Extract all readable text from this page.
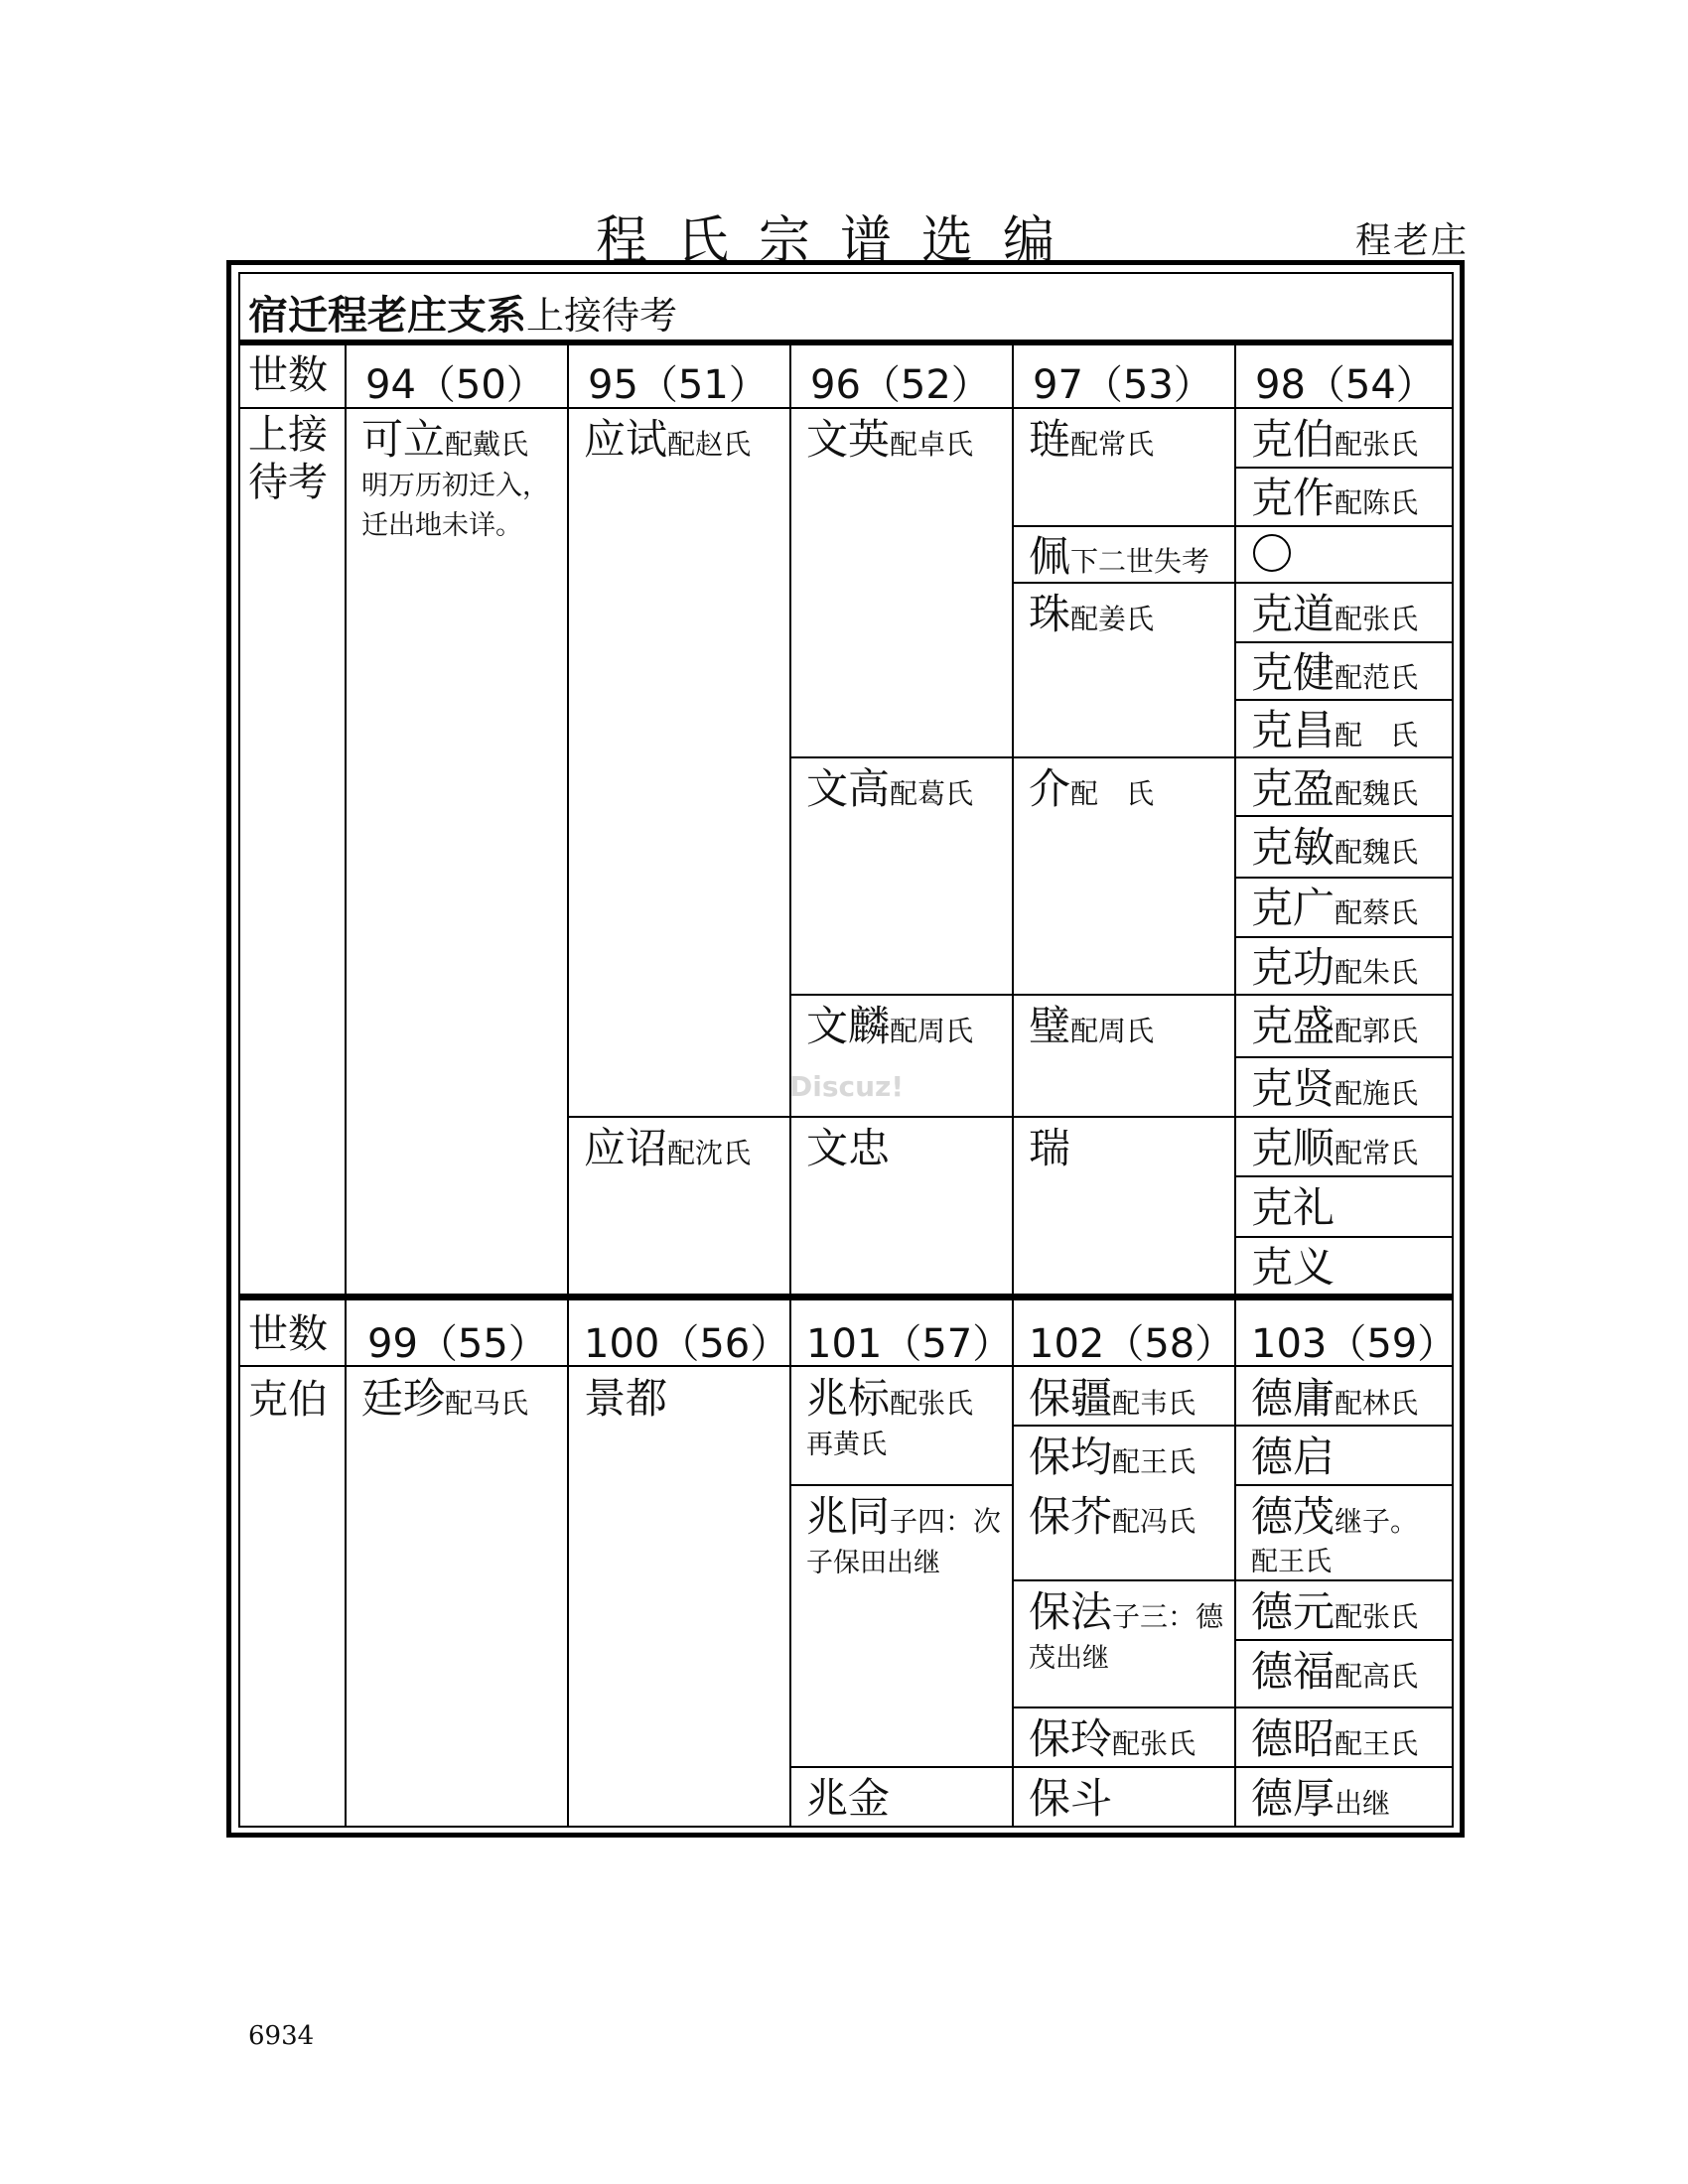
程氏宗谱选编	程老庄
宿迁程老庄支系上接待考
世数 94（50） 95（51） 96（52） 97（53） 98（54）
上接
待考
可立配戴氏
明万历初迁入，迁出地未详。
应试配赵氏
应诏配沈氏
文英配卓氏
文高配葛氏
文麟配周氏
文忠
琏配常氏
佩下二世失考
珠配姜氏
介配　氏
璧配周氏
瑞
克伯配张氏
克作配陈氏
克道配张氏
克健配范氏
克昌配　氏
克盈配魏氏
克敏配魏氏
克广配蔡氏
克功配朱氏
克盛配郭氏
克贤配施氏
克顺配常氏
克礼
克义
世数 99（55） 100（56） 101（57） 102（58） 103（59）
克伯 廷珍配马氏 景都	兆标配张氏
再黄氏
兆同子四：次
子保田出继
兆金
保疆配韦氏
保均配王氏
保芥配冯氏
保法子三：德
茂出继
保玲配张氏
保斗
德庸配林氏
德启
德茂继子。
配王氏
德元配张氏
德福配高氏
德昭配王氏
德厚出继
Discuz!
6934
